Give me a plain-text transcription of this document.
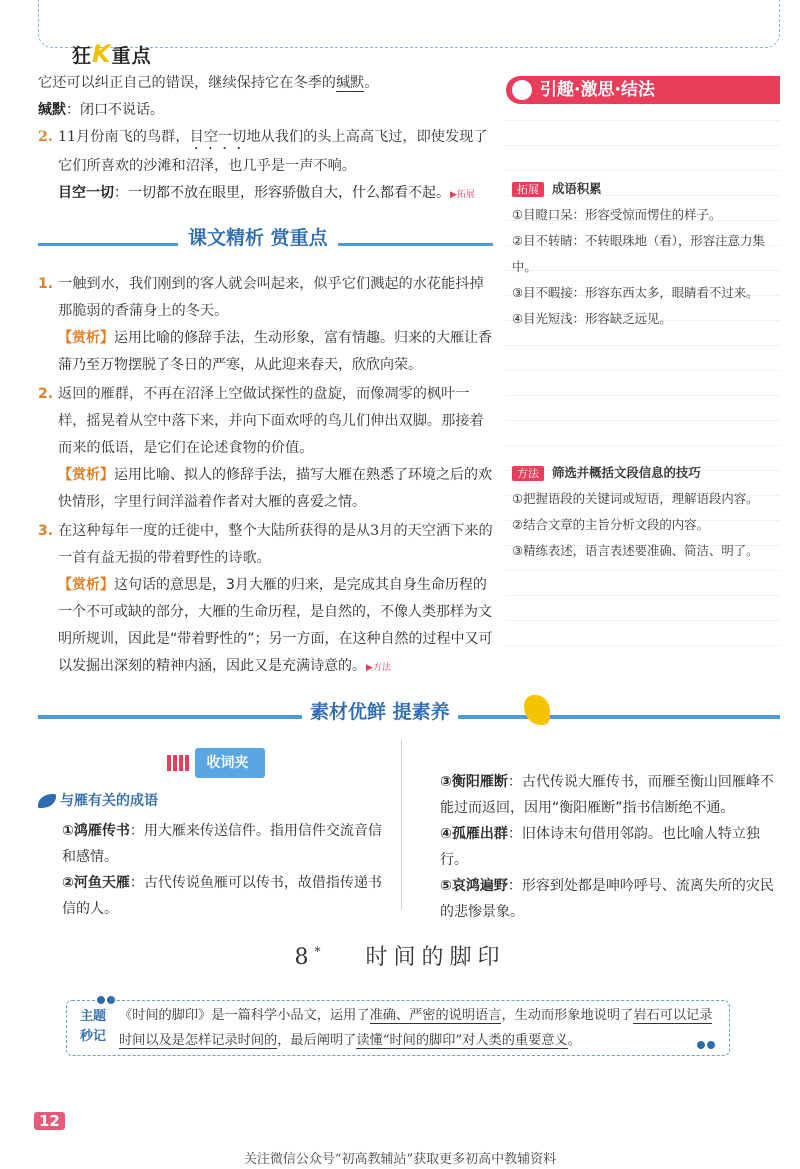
狂K重点
它还可以纠正自己的错误，继续保持它在冬季的缄默。
缄默：闭口不说话。
2. 11月份南飞的鸟群，目空一切地从我们的头上高高飞过，即使发现了它们所喜欢的沙滩和沼泽，也几乎是一声不响。
目空一切：一切都不放在眼里，形容骄傲自大，什么都看不起。▶拓展
课文精析 赏重点
1. 一触到水，我们刚到的客人就会叫起来，似乎它们溅起的水花能抖掉那脆弱的香蒲身上的冬天。
【赏析】运用比喻的修辞手法，生动形象，富有情趣。归来的大雁让香蒲乃至万物摆脱了冬日的严寒，从此迎来春天，欣欣向荣。
2. 返回的雁群，不再在沼泽上空做试探性的盘旋，而像凋零的枫叶一样，摇晃着从空中落下来，并向下面欢呼的鸟儿们伸出双脚。那接着而来的低语，是它们在论述食物的价值。
【赏析】运用比喻、拟人的修辞手法，描写大雁在熟悉了环境之后的欢快情形，字里行间洋溢着作者对大雁的喜爱之情。
3. 在这种每年一度的迁徙中，整个大陆所获得的是从3月的天空洒下来的一首有益无损的带着野性的诗歌。
【赏析】这句话的意思是，3月大雁的归来，是完成其自身生命历程的一个不可或缺的部分，大雁的生命历程，是自然的，不像人类那样为文明所规训，因此是“带着野性的”；另一方面，在这种自然的过程中又可以发掘出深刻的精神内涵，因此又是充满诗意的。▶方法
引趣·激思·结法
拓展 成语积累
①目瞪口呆：形容受惊而愣住的样子。
②目不转睛：不转眼珠地（看），形容注意力集中。
③目不暇接：形容东西太多，眼睛看不过来。
④目光短浅：形容缺乏远见。
方法 筛选并概括文段信息的技巧
①把握语段的关键词或短语，理解语段内容。
②结合文章的主旨分析文段的内容。
③精练表述，语言表述要准确、简洁、明了。
素材优鲜 提素养
收词夹
与雁有关的成语
①鸿雁传书：用大雁来传送信件。指用信件交流音信和感情。
②河鱼天雁：古代传说鱼雁可以传书，故借指传递书信的人。
③衡阳雁断：古代传说大雁传书，而雁至衡山回雁峰不能过而返回，因用“衡阳雁断”指书信断绝不通。
④孤雁出群：旧体诗末句借用邻韵。也比喻人特立独行。
⑤哀鸿遍野：形容到处都是呻吟呼号、流离失所的灾民的悲惨景象。
8* 时间的脚印
主题
秒记
《时间的脚印》是一篇科学小品文，运用了准确、严密的说明语言，生动而形象地说明了岩石可以记录时间以及是怎样记录时间的，最后阐明了读懂“时间的脚印”对人类的重要意义。
12
关注微信公众号“初高教辅站”获取更多初高中教辅资料
